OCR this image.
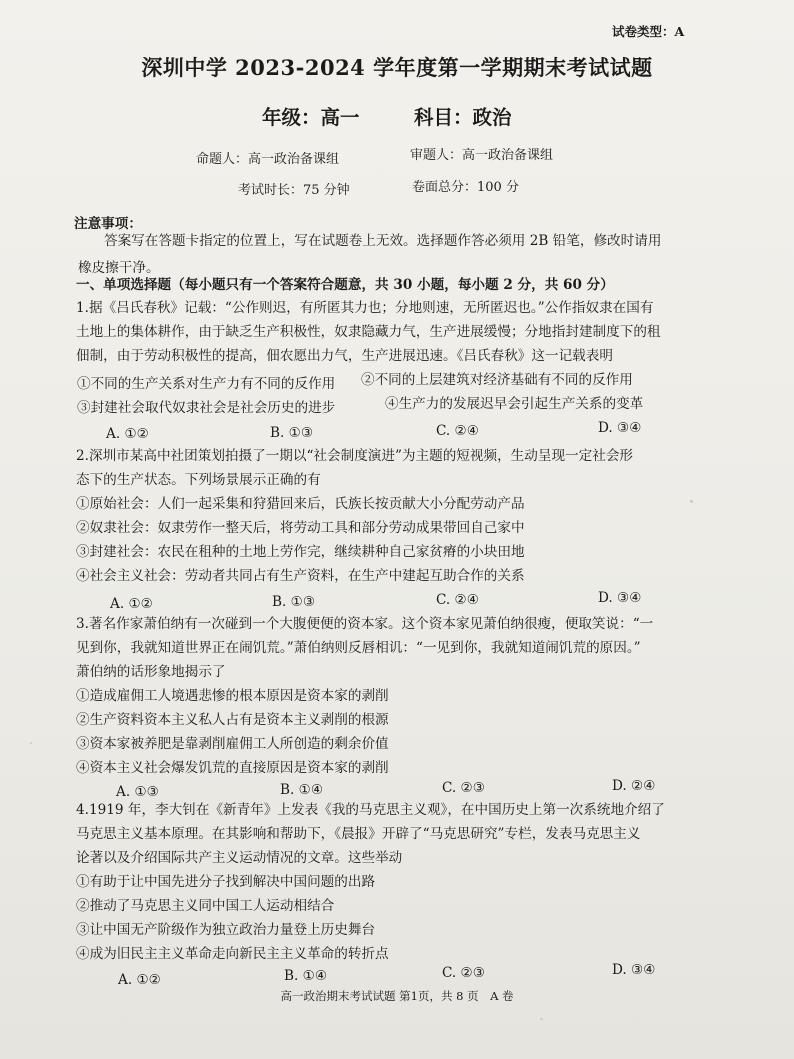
试卷类型：A
深圳中学 2023-2024 学年度第一学期期末考试试题
年级：高一	科目：政治
命题人：高一政治备课组	审题人：高一政治备课组
考试时长：75 分钟	卷面总分：100 分
注意事项：
答案写在答题卡指定的位置上，写在试题卷上无效。选择题作答必须用 2B 铅笔，修改时请用
橡皮擦干净。
一、单项选择题（每小题只有一个答案符合题意，共 30 小题，每小题 2 分，共 60 分）
1.据《吕氏春秋》记载：“公作则迟，有所匿其力也；分地则速，无所匿迟也。”公作指奴隶在国有
土地上的集体耕作，由于缺乏生产积极性，奴隶隐藏力气，生产进展缓慢；分地指封建制度下的租
佃制，由于劳动积极性的提高，佃农愿出力气，生产进展迅速。《吕氏春秋》这一记载表明
①不同的生产关系对生产力有不同的反作用 ②不同的上层建筑对经济基础有不同的反作用
③封建社会取代奴隶社会是社会历史的进步	④生产力的发展迟早会引起生产关系的变革
A. ①②	B. ①③	C. ②④	D. ③④
2.深圳市某高中社团策划拍摄了一期以“社会制度演进”为主题的短视频，生动呈现一定社会形
态下的生产状态。下列场景展示正确的有
①原始社会：人们一起采集和狩猎回来后，氏族长按贡献大小分配劳动产品
②奴隶社会：奴隶劳作一整天后，将劳动工具和部分劳动成果带回自己家中
③封建社会：农民在租种的土地上劳作完，继续耕种自己家贫瘠的小块田地
④社会主义社会：劳动者共同占有生产资料，在生产中建起互助合作的关系
A. ①②	B. ①③	C. ②④	D. ③④
3.著名作家萧伯纳有一次碰到一个大腹便便的资本家。这个资本家见萧伯纳很瘦，便取笑说：“一
见到你，我就知道世界正在闹饥荒。”萧伯纳则反唇相讥：“一见到你，我就知道闹饥荒的原因。”
萧伯纳的话形象地揭示了
①造成雇佣工人境遇悲惨的根本原因是资本家的剥削
②生产资料资本主义私人占有是资本主义剥削的根源
③资本家被养肥是靠剥削雇佣工人所创造的剩余价值
④资本主义社会爆发饥荒的直接原因是资本家的剥削
A. ①③	B. ①④	C. ②③	D. ②④
4.1919 年，李大钊在《新青年》上发表《我的马克思主义观》，在中国历史上第一次系统地介绍了
马克思主义基本原理。在其影响和帮助下，《晨报》开辟了“马克思研究”专栏，发表马克思主义
论著以及介绍国际共产主义运动情况的文章。这些举动
①有助于让中国先进分子找到解决中国问题的出路
②推动了马克思主义同中国工人运动相结合
③让中国无产阶级作为独立政治力量登上历史舞台
④成为旧民主主义革命走向新民主主义革命的转折点
A. ①②	B. ①④	C. ②③	D. ③④
高一政治期末考试试题 第1页，共 8 页　A 卷
